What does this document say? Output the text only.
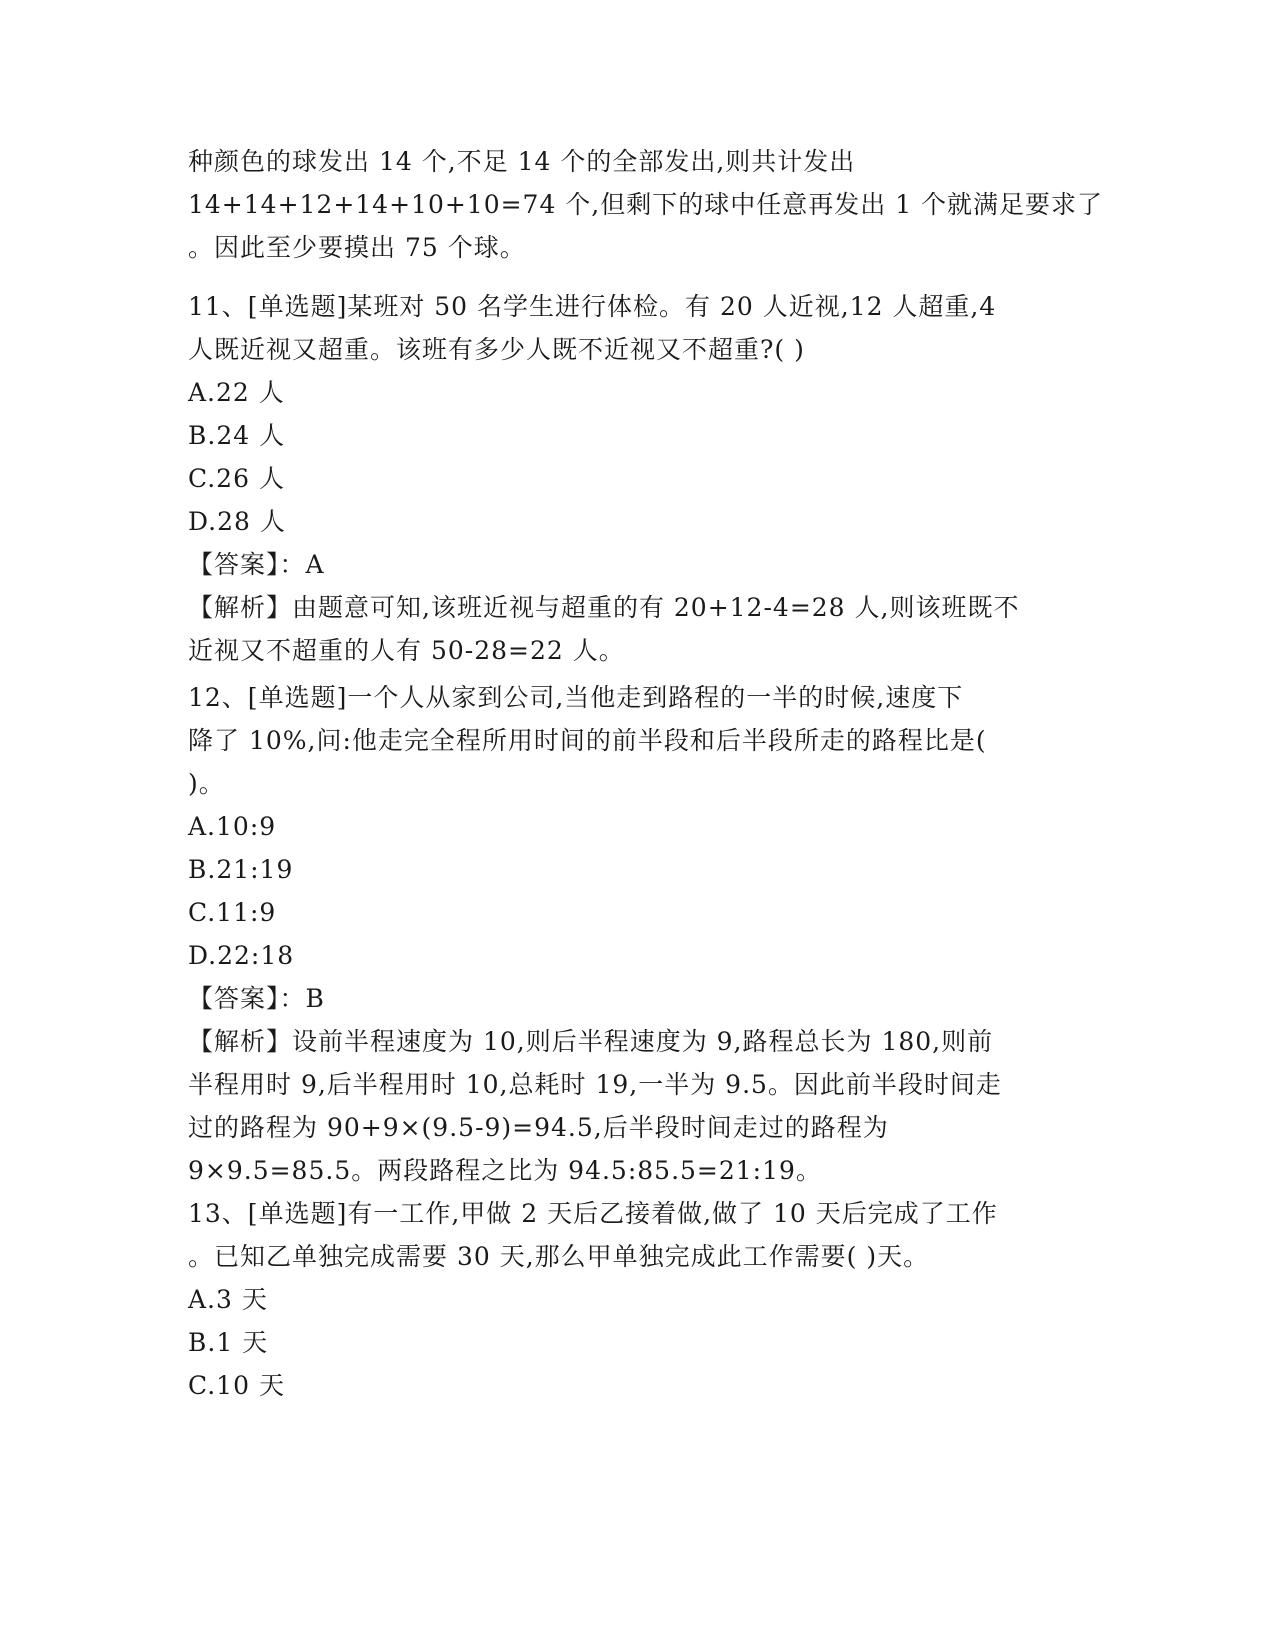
种颜色的球发出 14 个,不足 14 个的全部发出,则共计发出
14+14+12+14+10+10=74 个,但剩下的球中任意再发出 1 个就满足要求了
。因此至少要摸出 75 个球。
11、[单选题]某班对 50 名学生进行体检。有 20 人近视,12 人超重,4
人既近视又超重。该班有多少人既不近视又不超重?( )
A.22 人
B.24 人
C.26 人
D.28 人
【答案】：A
【解析】由题意可知,该班近视与超重的有 20+12-4=28 人,则该班既不
近视又不超重的人有 50-28=22 人。
12、[单选题]一个人从家到公司,当他走到路程的一半的时候,速度下
降了 10%,问:他走完全程所用时间的前半段和后半段所走的路程比是(
)。
A.10:9
B.21:19
C.11:9
D.22:18
【答案】：B
【解析】设前半程速度为 10,则后半程速度为 9,路程总长为 180,则前
半程用时 9,后半程用时 10,总耗时 19,一半为 9.5。因此前半段时间走
过的路程为 90+9×(9.5-9)=94.5,后半段时间走过的路程为
9×9.5=85.5。两段路程之比为 94.5:85.5=21:19。
13、[单选题]有一工作,甲做 2 天后乙接着做,做了 10 天后完成了工作
。已知乙单独完成需要 30 天,那么甲单独完成此工作需要( )天。
A.3 天
B.1 天
C.10 天
